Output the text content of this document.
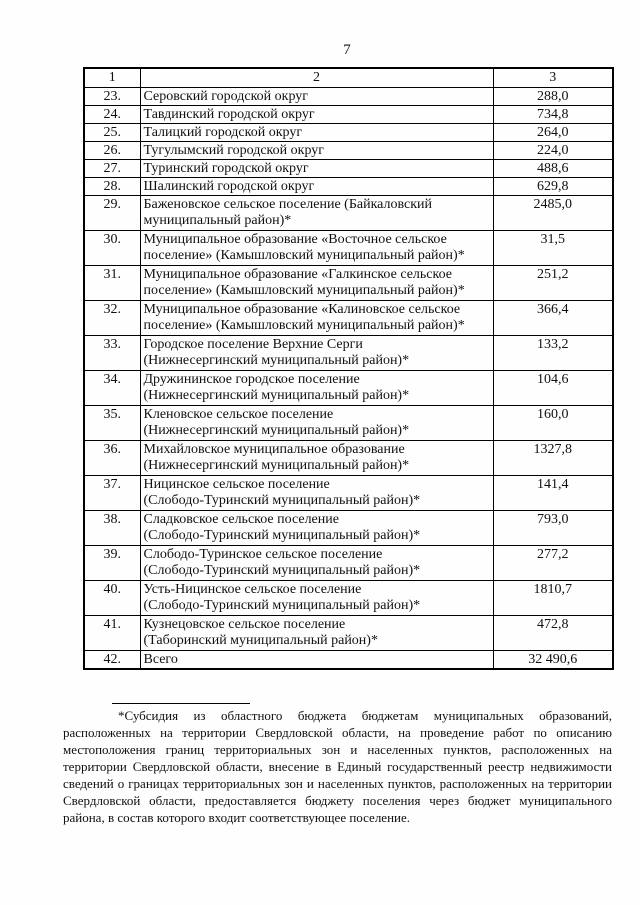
7
1	2	3
23.	Серовский городской округ	288,0
24.	Тавдинский городской округ	734,8
25.	Талицкий городской округ	264,0
26.	Тугулымский городской округ	224,0
27.	Туринский городской округ	488,6
28.	Шалинский городской округ	629,8
29.	Баженовское сельское поселение (Байкаловский
муниципальный район)*	2485,0
30.	Муниципальное образование «Восточное сельское
поселение» (Камышловский муниципальный район)*	31,5
31.	Муниципальное образование «Галкинское сельское
поселение» (Камышловский муниципальный район)*	251,2
32.	Муниципальное образование «Калиновское сельское
поселение» (Камышловский муниципальный район)*	366,4
33.	Городское поселение Верхние Серги
(Нижнесергинский муниципальный район)*	133,2
34.	Дружининское городское поселение
(Нижнесергинский муниципальный район)*	104,6
35.	Кленовское сельское поселение
(Нижнесергинский муниципальный район)*	160,0
36.	Михайловское муниципальное образование
(Нижнесергинский муниципальный район)*	1327,8
37.	Ницинское сельское поселение
(Слободо-Туринский муниципальный район)*	141,4
38.	Сладковское сельское поселение
(Слободо-Туринский муниципальный район)*	793,0
39.	Слободо-Туринское сельское поселение
(Слободо-Туринский муниципальный район)*	277,2
40.	Усть-Ницинское сельское поселение
(Слободо-Туринский муниципальный район)*	1810,7
41.	Кузнецовское сельское поселение
(Таборинский муниципальный район)*	472,8
42.	Всего	32 490,6
*Субсидия из областного бюджета бюджетам муниципальных образований,
расположенных на территории Свердловской области, на проведение работ по описанию
местоположения границ территориальных зон и населенных пунктов, расположенных на
территории Свердловской области, внесение в Единый государственный реестр недвижимости
сведений о границах территориальных зон и населенных пунктов, расположенных на территории
Свердловской области, предоставляется бюджету поселения через бюджет муниципального
района, в состав которого входит соответствующее поселение.
